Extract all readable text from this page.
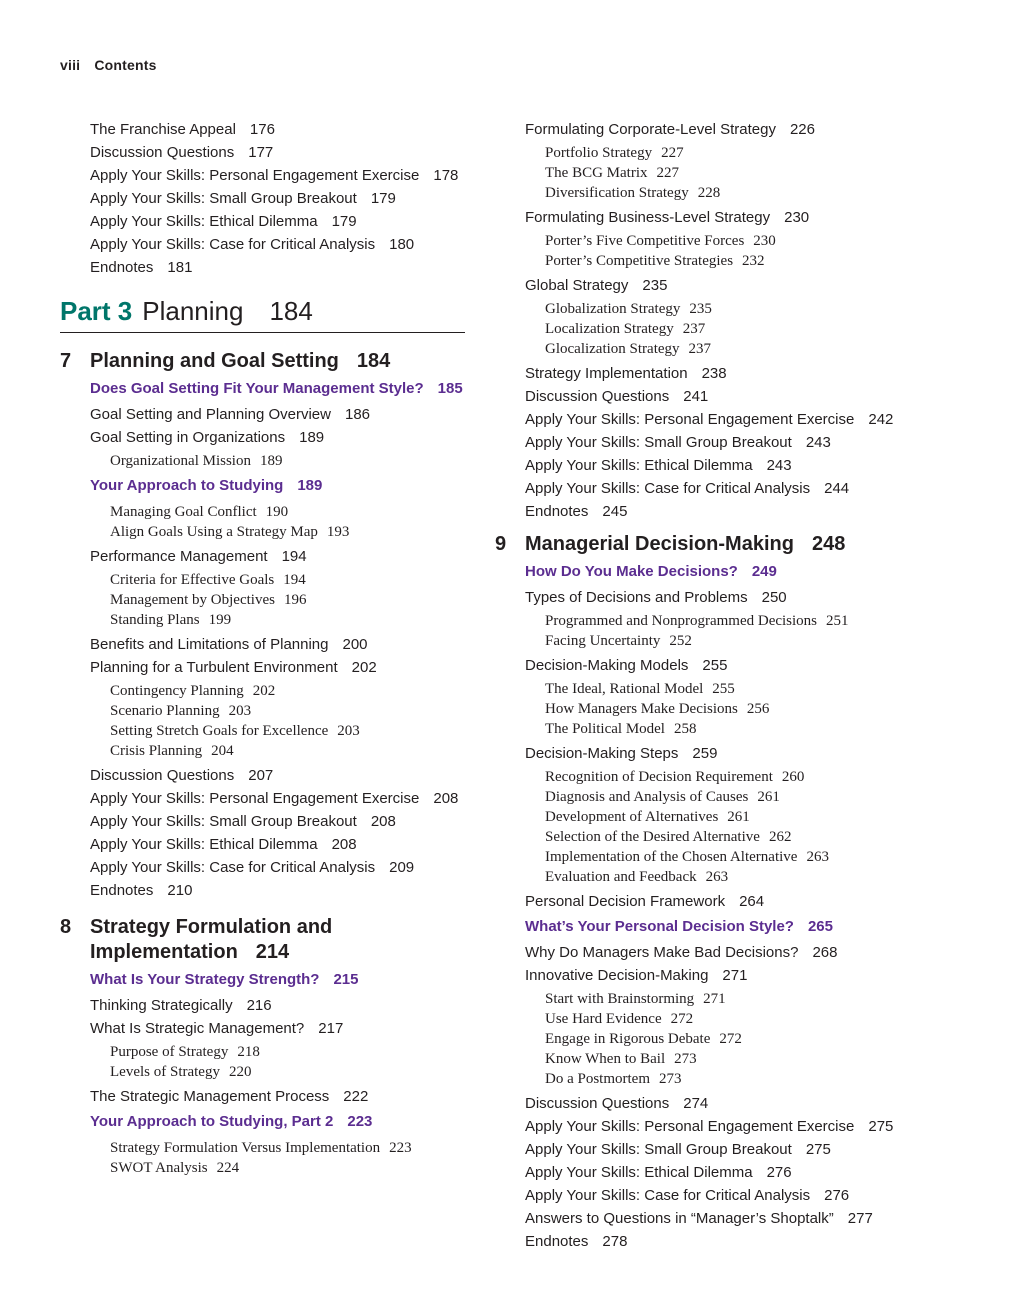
viii Contents
The Franchise Appeal 176
Discussion Questions 177
Apply Your Skills: Personal Engagement Exercise 178
Apply Your Skills: Small Group Breakout 179
Apply Your Skills: Ethical Dilemma 179
Apply Your Skills: Case for Critical Analysis 180
Endnotes 181
Part 3 Planning 184
7 Planning and Goal Setting 184
Does Goal Setting Fit Your Management Style? 185
Goal Setting and Planning Overview 186
Goal Setting in Organizations 189
Organizational Mission 189
Your Approach to Studying 189
Managing Goal Conflict 190
Align Goals Using a Strategy Map 193
Performance Management 194
Criteria for Effective Goals 194
Management by Objectives 196
Standing Plans 199
Benefits and Limitations of Planning 200
Planning for a Turbulent Environment 202
Contingency Planning 202
Scenario Planning 203
Setting Stretch Goals for Excellence 203
Crisis Planning 204
Discussion Questions 207
Apply Your Skills: Personal Engagement Exercise 208
Apply Your Skills: Small Group Breakout 208
Apply Your Skills: Ethical Dilemma 208
Apply Your Skills: Case for Critical Analysis 209
Endnotes 210
8 Strategy Formulation and Implementation 214
What Is Your Strategy Strength? 215
Thinking Strategically 216
What Is Strategic Management? 217
Purpose of Strategy 218
Levels of Strategy 220
The Strategic Management Process 222
Your Approach to Studying, Part 2 223
Strategy Formulation Versus Implementation 223
SWOT Analysis 224
Formulating Corporate-Level Strategy 226
Portfolio Strategy 227
The BCG Matrix 227
Diversification Strategy 228
Formulating Business-Level Strategy 230
Porter’s Five Competitive Forces 230
Porter’s Competitive Strategies 232
Global Strategy 235
Globalization Strategy 235
Localization Strategy 237
Glocalization Strategy 237
Strategy Implementation 238
Discussion Questions 241
Apply Your Skills: Personal Engagement Exercise 242
Apply Your Skills: Small Group Breakout 243
Apply Your Skills: Ethical Dilemma 243
Apply Your Skills: Case for Critical Analysis 244
Endnotes 245
9 Managerial Decision-Making 248
How Do You Make Decisions? 249
Types of Decisions and Problems 250
Programmed and Nonprogrammed Decisions 251
Facing Uncertainty 252
Decision-Making Models 255
The Ideal, Rational Model 255
How Managers Make Decisions 256
The Political Model 258
Decision-Making Steps 259
Recognition of Decision Requirement 260
Diagnosis and Analysis of Causes 261
Development of Alternatives 261
Selection of the Desired Alternative 262
Implementation of the Chosen Alternative 263
Evaluation and Feedback 263
Personal Decision Framework 264
What’s Your Personal Decision Style? 265
Why Do Managers Make Bad Decisions? 268
Innovative Decision-Making 271
Start with Brainstorming 271
Use Hard Evidence 272
Engage in Rigorous Debate 272
Know When to Bail 273
Do a Postmortem 273
Discussion Questions 274
Apply Your Skills: Personal Engagement Exercise 275
Apply Your Skills: Small Group Breakout 275
Apply Your Skills: Ethical Dilemma 276
Apply Your Skills: Case for Critical Analysis 276
Answers to Questions in “Manager’s Shoptalk” 277
Endnotes 278
